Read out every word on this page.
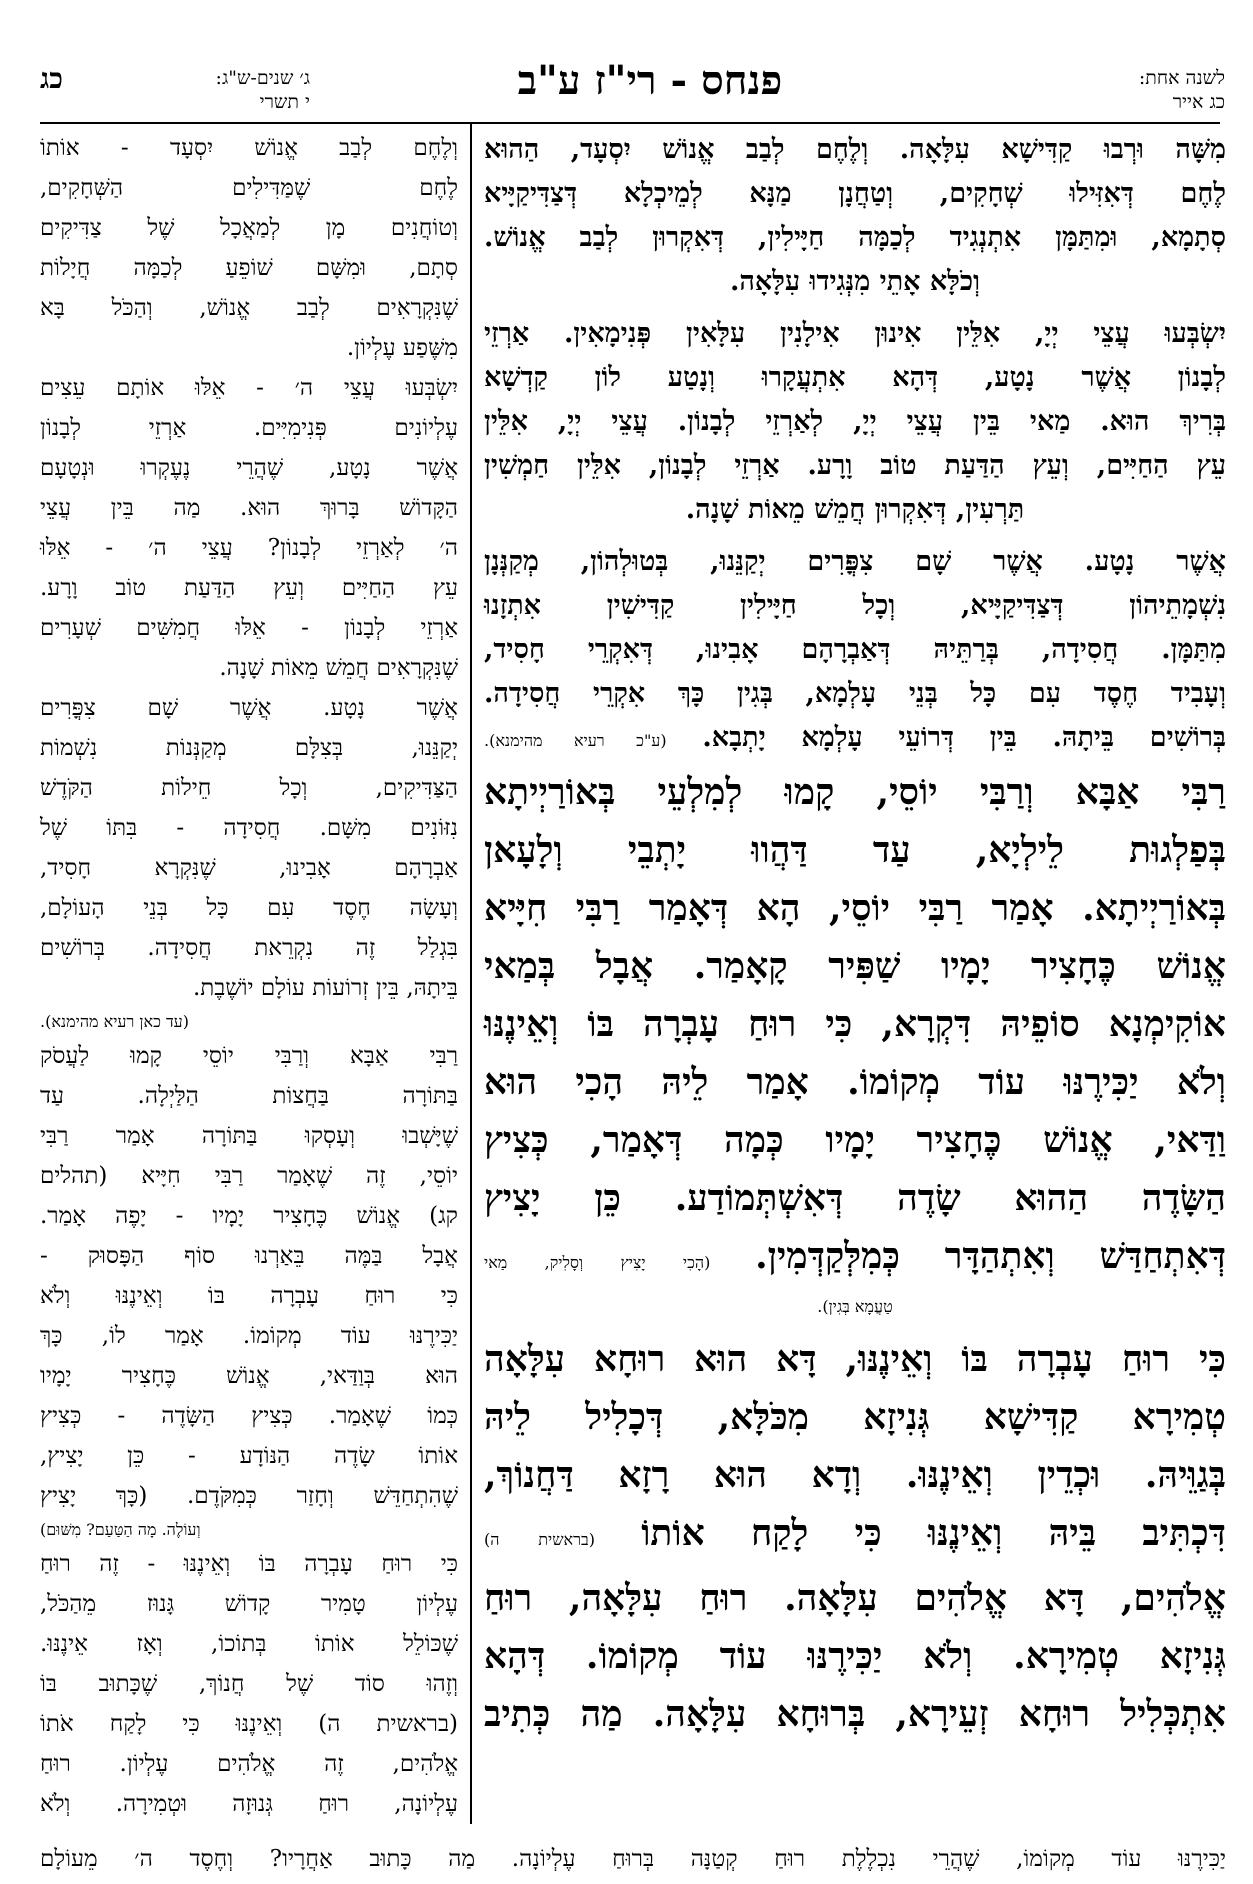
לשנה אחת:
כג אייר
פנחס - רי"ז ע"ב
ג׳ שנים-ש"ג:
י תשרי
כג

מִשָּׁה וּרְבוּ קַדִּישָׁא עִלָּאָה. וְלֶחֶם לְבַב אֱנוֹשׁ יִסְעָד, הַהוּא

לֶחֶם דְּאִזִּילוּ שְׁחָקִים, וְטַחֲנָן מַנָּא לְמֵיכְלָא דְּצַדִּיקַיָּיא

סְתָמָא, וּמִתַּמָּן אִתְנְגִיד לְכַמָּה חַיָּילִין, דְּאִקְרוּן לְבַב אֱנוֹשׁ.

וְכֹלָּא אָתֵי מִנְּגִידוּ עִלָּאָה.

יִשְׂבְּעוּ עֲצֵי יְיָ, אִלֵּין אִינוּן אִילָנִין עִלָּאִין פְּנִימָאִין. אַרְזֵי

לְבָנוֹן אֲשֶׁר נָטָע, דְּהָא אִתְעֲקָרוּ וְנָטַע לוֹן קַדְשָׁא

בְּרִיךְ הוּא. מַאי בֵּין עֲצֵי יְיָ, לְאַרְזֵי לְבָנוֹן. עֲצֵי יְיָ, אִלֵּין

עֵץ הַחַיִּים, וְעֵץ הַדַּעַת טוֹב וָרָע. אַרְזֵי לְבָנוֹן, אִלֵּין חַמְשִׁין

תַּרְעִין, דְּאִקְרוּן חֲמֵשׁ מֵאוֹת שָׁנָה.

אֲשֶׁר נָטָע. אֲשֶׁר שָׁם צִפֳּרִים יְקַנֵּנוּ, בְּטוּלְהוֹן, מְקַנְּנָן

נִשְׁמָתֵיהוֹן דְּצַדִּיקַיָּיא, וְכָל חַיָּילִין קַדִּישִׁין אִתְזָנוּ

מִתַּמָּן. חֲסִידָה, בְּרַתֵּיהּ דְּאַבְרָהָם אָבִינוּ, דְּאִקְרֵי חָסִיד,

וְעָבִיד חֶסֶד עִם כָּל בְּנֵי עָלְמָא, בְּגִין כָּךְ אִקְרֵי חֲסִידָה.

בְּרוֹשִׁים בֵּיתָהּ. בֵּין דְּרוֹעֵי עָלְמָא יָתְבָא. (ע"כ רעיא מהימנא).

רַבִּי אַבָּא וְרַבִּי יוֹסֵי, קָמוּ לְמִלְעֵי בְּאוֹרַיְיתָא

בְּפַלְגוּת לֵילְיָא, עַד דַּהֲווּ יָתְבֵי וְלָעָאן

בְּאוֹרַיְיתָא. אָמַר רַבִּי יוֹסֵי, הָא דְּאָמַר רַבִּי חִיָּיא

אֱנוֹשׁ כֶּחָצִיר יָמָיו שַׁפִּיר קָאָמַר. אֲבָל בְּמַאי

אוֹקִימְנָא סוֹפֵיהּ דִּקְרָא, כִּי רוּחַ עָבְרָה בּוֹ וְאֵינֶנּוּ

וְלֹא יַכִּירֶנּוּ עוֹד מְקוֹמוֹ. אָמַר לֵיהּ הָכִי הוּא

וַדַּאי, אֱנוֹשׁ כֶּחָצִיר יָמָיו כְּמָה דְּאָמַר, כְּצִיץ

הַשָּׂדֶה הַהוּא שָׂדֶה דְּאִשְׁתְּמוֹדַע. כֵּן יָצִיץ

דְּאִתְחַדַּשׁ וְאִתְהַדָּר כְּמִלְּקַדְּמִין. (הָכִי יָצִיץ וְסָלִיק, מַאי

טַעֲמָא בְּגִין).

כִּי רוּחַ עָבְרָה בּוֹ וְאֵינֶנּוּ, דָּא הוּא רוּחָא עִלָּאָה

טְמִירָא קַדִּישָׁא גְּנִיזָא מִכֹּלָּא, דְּכָלִיל לֵיהּ

בְּגַוֵּיהּ. וּכְדֵין וְאֵינֶנּוּ. וְדָא הוּא רָזָא דַּחֲנוֹךְ,

דִּכְתִּיב בֵּיהּ וְאֵינֶנּוּ כִּי לָקַח אוֹתוֹ (בראשית ה)

אֱלֹהִים, דָּא אֱלֹהִים עִלָּאָה. רוּחַ עִלָּאָה, רוּחַ

גְּנִיזָא טְמִירָא. וְלֹא יַכִּירֶנּוּ עוֹד מְקוֹמוֹ. דְּהָא

אִתְכְּלִיל רוּחָא זְעֵירָא, בְּרוּחָא עִלָּאָה. מַה כְּתִיב

וְלֶחֶם לְבַב אֱנוֹשׁ יִסְעָד - אוֹתוֹ

לֶחֶם שֶׁמַּדִּילִים הַשְּׁחָקִים,

וְטוֹחֲנִים מָן לְמַאֲכָל שֶׁל צַדִּיקִים

סְתָם, וּמִשָּׁם שׁוֹפֵעַ לְכַמָּה חֲיָלוֹת

שֶׁנִּקְרָאִים לְבַב אֱנוֹשׁ, וְהַכֹּל בָּא

מִשֶּׁפַע עֶלְיוֹן.

יִשְׂבְּעוּ עֲצֵי ה׳ - אֵלּוּ אוֹתָם עֵצִים

עֶלְיוֹנִים פְּנִימִיִּים. אַרְזֵי לְבָנוֹן

אֲשֶׁר נָטָע, שֶׁהֲרֵי נֶעֶקְרוּ וּנְטָעָם

הַקָּדוֹשׁ בָּרוּךְ הוּא. מַה בֵּין עֲצֵי

ה׳ לְאַרְזֵי לְבָנוֹן? עֲצֵי ה׳ - אֵלּוּ

עֵץ הַחַיִּים וְעֵץ הַדַּעַת טוֹב וָרָע.

אַרְזֵי לְבָנוֹן - אֵלּוּ חֲמִשִּׁים שְׁעָרִים

שֶׁנִּקְרָאִים חֲמֵשׁ מֵאוֹת שָׁנָה.

אֲשֶׁר נָטָע. אֲשֶׁר שָׁם צִפֳּרִים

יְקַנֵּנוּ, בְּצִלָּם מְקַנְּנוֹת נִשְׁמוֹת

הַצַּדִּיקִים, וְכָל חֵילוֹת הַקֹּדֶשׁ

נִזּוֹנִים מִשָּׁם. חֲסִידָה - בִּתּוֹ שֶׁל

אַבְרָהָם אָבִינוּ, שֶׁנִּקְרָא חָסִיד,

וְעָשָׂה חֶסֶד עִם כָּל בְּנֵי הָעוֹלָם,

בִּגְלַל זֶה נִקְרֵאת חֲסִידָה. בְּרוֹשִׁים

בֵּיתָהּ, בֵּין זְרוֹעוֹת עוֹלָם יוֹשֶׁבֶת.

(עד כאן רעיא מהימנא).

רַבִּי אַבָּא וְרַבִּי יוֹסֵי קָמוּ לַעֲסֹק

בַּתּוֹרָה בַּחֲצוֹת הַלַּיְלָה. עַד

שֶׁיָּשְׁבוּ וְעָסְקוּ בַּתּוֹרָה אָמַר רַבִּי

יוֹסֵי, זֶה שֶׁאָמַר רַבִּי חִיָּיא (תהלים

קג) אֱנוֹשׁ כֶּחָצִיר יָמָיו - יָפֶה אָמַר.

אֲבָל בַּמֶּה בֵּאַרְנוּ סוֹף הַפָּסוּק -

כִּי רוּחַ עָבְרָה בּוֹ וְאֵינֶנּוּ וְלֹא

יַכִּירֶנּוּ עוֹד מְקוֹמוֹ. אָמַר לוֹ, כָּךְ

הוּא בְּוַדַּאי, אֱנוֹשׁ כֶּחָצִיר יָמָיו

כְּמוֹ שֶׁאָמַר. כְּצִיץ הַשָּׂדֶה - כְּצִיץ

אוֹתוֹ שָׂדֶה הַנּוֹדָע - כֵּן יָצִיץ,

שֶׁהִתְחַדֵּשׁ וְחָזַר כְּמִקֹּדֶם. (כָּךְ יָצִיץ

וְעוֹלֶה. מָה הַטַּעַם? מִשּׁוּם)

כִּי רוּחַ עָבְרָה בּוֹ וְאֵינֶנּוּ - זֶה רוּחַ

עֶלְיוֹן טָמִיר קָדוֹשׁ גָּנוּז מֵהַכֹּל,

שֶׁכּוֹלֵל אוֹתוֹ בְּתוֹכוֹ, וְאָז אֵינֶנּוּ.

וְזֶהוּ סוֹד שֶׁל חֲנוֹךְ, שֶׁכָּתוּב בּוֹ

(בראשית ה) וְאֵינֶנּוּ כִּי לָקַח אֹתוֹ

אֱלֹהִים, זֶה אֱלֹהִים עֶלְיוֹן. רוּחַ

עֶלְיוֹנָה, רוּחַ גְּנוּזָה וּטְמִירָה. וְלֹא

יַכִּירֶנּוּ עוֹד מְקוֹמוֹ, שֶׁהֲרֵי נִכְלֶלֶת רוּחַ קְטַנָּה בְּרוּחַ עֶלְיוֹנָה. מַה כָּתוּב אַחֲרָיו? וְחֶסֶד ה׳ מֵעוֹלָם
